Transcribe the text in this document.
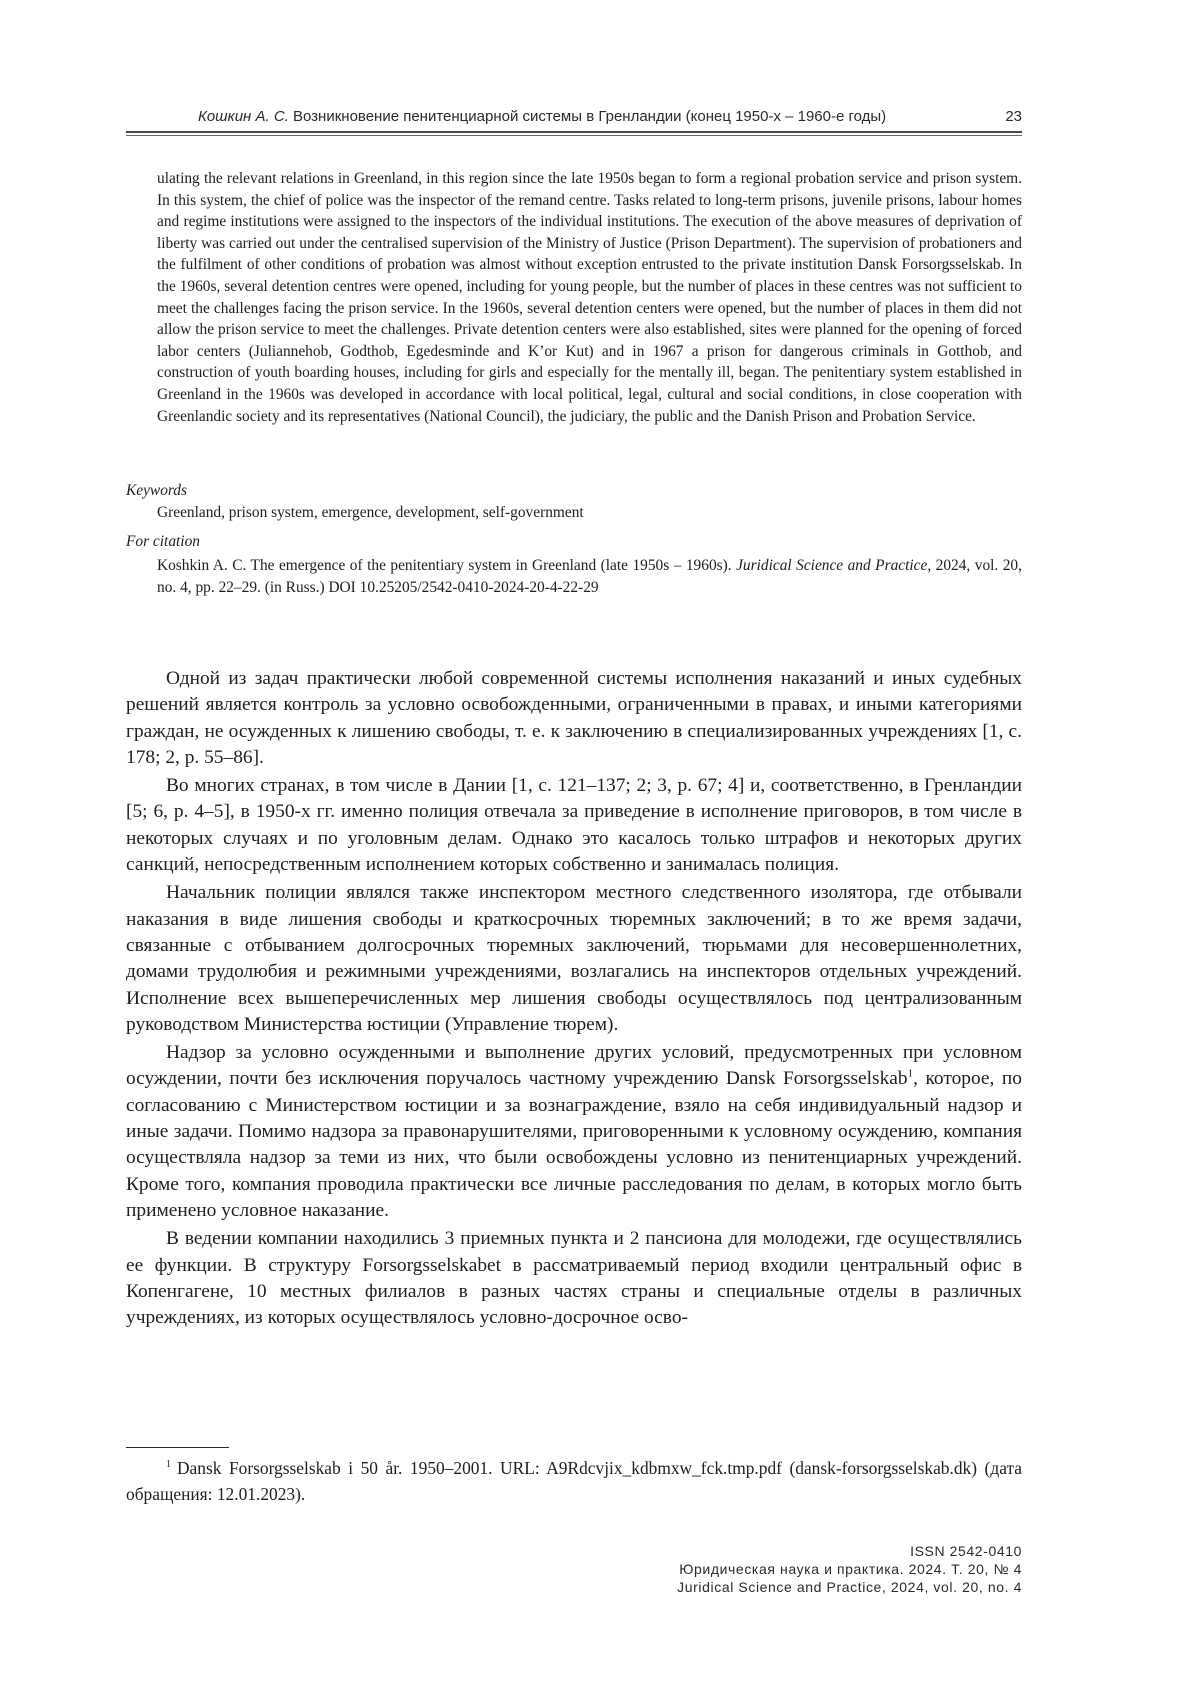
Кошкин А. С. Возникновение пенитенциарной системы в Гренландии (конец 1950-х – 1960-е годы)	23

ulating the relevant relations in Greenland, in this region since the late 1950s began to form a regional probation service and prison system. In this system, the chief of police was the inspector of the remand centre. Tasks related to long-term prisons, juvenile prisons, labour homes and regime institutions were assigned to the inspectors of the individual institutions. The execution of the above measures of deprivation of liberty was carried out under the centralised supervision of the Ministry of Justice (Prison Department). The supervision of probationers and the fulfilment of other conditions of probation was almost without exception entrusted to the private institution Dansk Forsorgsselskab. In the 1960s, several detention centres were opened, including for young people, but the number of places in these centres was not sufficient to meet the challenges facing the prison service. In the 1960s, several detention centers were opened, but the number of places in them did not allow the prison service to meet the challenges. Private detention centers were also established, sites were planned for the opening of forced labor centers (Juliannehob, Godthob, Egedesminde and K’or Kut) and in 1967 a prison for dangerous criminals in Gotthob, and construction of youth boarding houses, including for girls and especially for the mentally ill, began. The penitentiary system established in Greenland in the 1960s was developed in accordance with local political, legal, cultural and social conditions, in close cooperation with Greenlandic society and its representatives (National Council), the judiciary, the public and the Danish Prison and Probation Service.

Keywords
Greenland, prison system, emergence, development, self-government
For citation

Koshkin A. C. The emergence of the penitentiary system in Greenland (late 1950s – 1960s). Juridical Science and Practice, 2024, vol. 20, no. 4, pp. 22–29. (in Russ.) DOI 10.25205/2542-0410-2024-20-4-22-29

Одной из задач практически любой современной системы исполнения наказаний и иных судебных решений является контроль за условно освобожденными, ограниченными в правах, и иными категориями граждан, не осужденных к лишению свободы, т. е. к заключению в специализированных учреждениях [1, с. 178; 2, p. 55–86].

Во многих странах, в том числе в Дании [1, с. 121–137; 2; 3, p. 67; 4] и, соответственно, в Гренландии [5; 6, p. 4–5], в 1950-х гг. именно полиция отвечала за приведение в исполнение приговоров, в том числе в некоторых случаях и по уголовным делам. Однако это касалось только штрафов и некоторых других санкций, непосредственным исполнением которых собственно и занималась полиция.

Начальник полиции являлся также инспектором местного следственного изолятора, где отбывали наказания в виде лишения свободы и краткосрочных тюремных заключений; в то же время задачи, связанные с отбыванием долгосрочных тюремных заключений, тюрьмами для несовершеннолетних, домами трудолюбия и режимными учреждениями, возлагались на инспекторов отдельных учреждений. Исполнение всех вышеперечисленных мер лишения свободы осуществлялось под централизованным руководством Министерства юстиции (Управление тюрем).

Надзор за условно осужденными и выполнение других условий, предусмотренных при условном осуждении, почти без исключения поручалось частному учреждению Dansk Forsorgsselskab$^1$, которое, по согласованию с Министерством юстиции и за вознаграждение, взяло на себя индивидуальный надзор и иные задачи. Помимо надзора за правонарушителями, приговоренными к условному осуждению, компания осуществляла надзор за теми из них, что были освобождены условно из пенитенциарных учреждений. Кроме того, компания проводила практически все личные расследования по делам, в которых могло быть применено условное наказание.

В ведении компании находились 3 приемных пункта и 2 пансиона для молодежи, где осуществлялись ее функции. В структуру Forsorgsselskabet в рассматриваемый период входили центральный офис в Копенгагене, 10 местных филиалов в разных частях страны и специальные отделы в различных учреждениях, из которых осуществлялось условно-досрочное осво-

$^1$ Dansk Forsorgsselskab i 50 år. 1950–2001. URL: A9Rdcvjix_kdbmxw_fck.tmp.pdf (dansk-forsorgsselskab.dk) (дата обращения: 12.01.2023).

ISSN 2542-0410
Юридическая наука и практика. 2024. Т. 20, № 4
Juridical Science and Practice, 2024, vol. 20, no. 4
